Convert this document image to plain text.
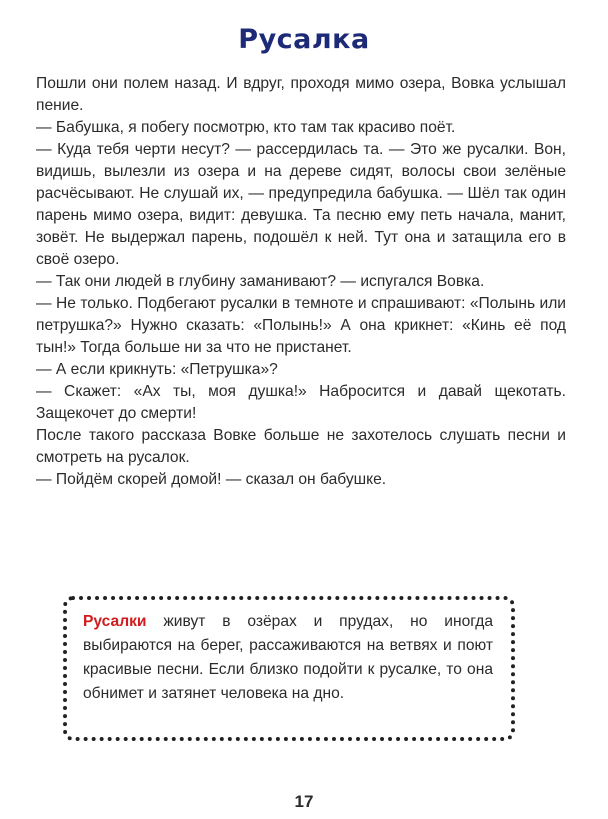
Русалка

Пошли они полем назад. И вдруг, проходя мимо озера, Вовка услышал пение.

— Бабушка, я побегу посмотрю, кто там так красиво поёт.

— Куда тебя черти несут? — рассердилась та. — Это же русалки. Вон, видишь, вылезли из озера и на дереве сидят, волосы свои зелёные расчёсывают. Не слушай их, — предупредила бабушка. — Шёл так один парень мимо озера, видит: девушка. Та песню ему петь начала, манит, зовёт. Не выдержал парень, подошёл к ней. Тут она и затащила его в своё озеро.

— Так они людей в глубину заманивают? — испугался Вовка.

— Не только. Подбегают русалки в темноте и спрашивают: «Полынь или петрушка?» Нужно сказать: «Полынь!» А она крикнет: «Кинь её под тын!» Тогда больше ни за что не пристанет.

— А если крикнуть: «Петрушка»?

— Скажет: «Ах ты, моя душка!» Набросится и давай щекотать. Защекочет до смерти!

После такого рассказа Вовке больше не захотелось слушать песни и смотреть на русалок.

— Пойдём скорей домой! — сказал он бабушке.

Русалки живут в озёрах и прудах, но иногда выбираются на берег, рассаживаются на ветвях и поют красивые песни. Если близко подойти к русалке, то она обнимет и затянет человека на дно.

17
